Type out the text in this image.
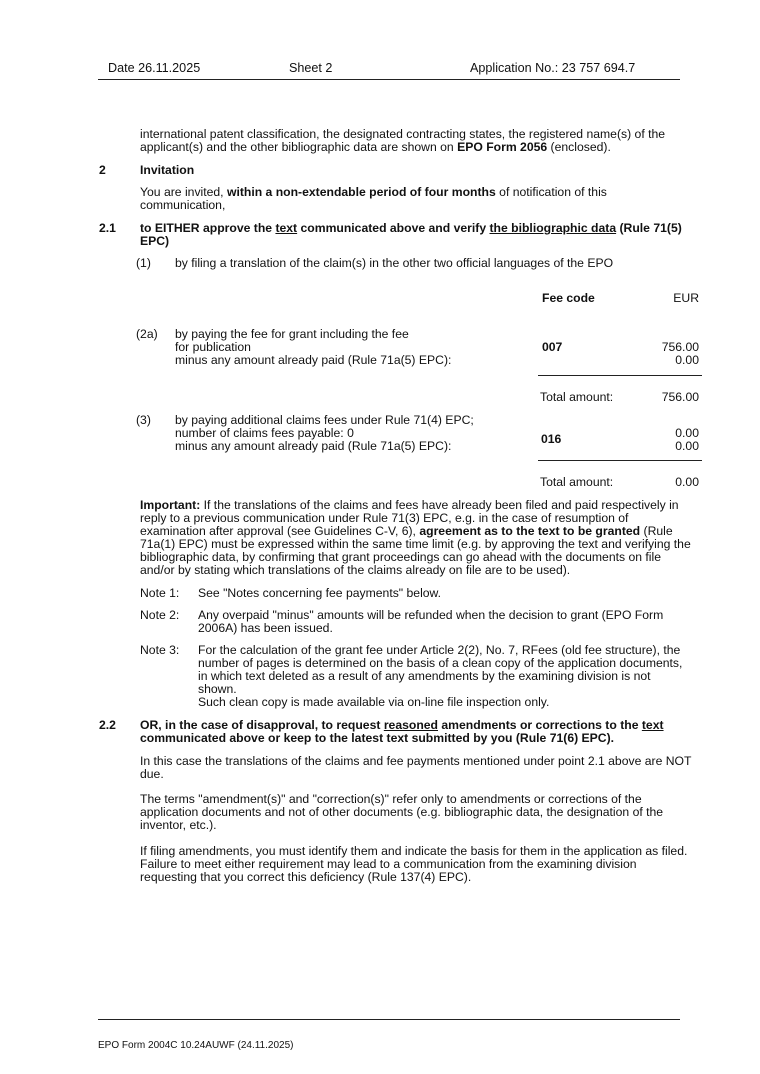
Date 26.11.2025	Sheet 2	Application No.: 23 757 694.7

international patent classification, the designated contracting states, the registered name(s) of the applicant(s) and the other bibliographic data are shown on EPO Form 2056 (enclosed).

2	Invitation

You are invited, within a non-extendable period of four months of notification of this communication,

2.1 to EITHER approve the text communicated above and verify the bibliographic data (Rule 71(5) EPC)

(1) by filing a translation of the claim(s) in the other two official languages of the EPO
Fee code	EUR
(2a) by paying the fee for grant including the fee
for publication
minus any amount already paid (Rule 71a(5) EPC):
007	756.00
0.00
Total amount:	756.00
(3) by paying additional claims fees under Rule 71(4) EPC;
number of claims fees payable: 0
minus any amount already paid (Rule 71a(5) EPC):	016	0.00
0.00
Total amount:	0.00

Important: If the translations of the claims and fees have already been filed and paid respectively in reply to a previous communication under Rule 71(3) EPC, e.g. in the case of resumption of examination after approval (see Guidelines C-V, 6), agreement as to the text to be granted (Rule 71a(1) EPC) must be expressed within the same time limit (e.g. by approving the text and verifying the bibliographic data, by confirming that grant proceedings can go ahead with the documents on file and/or by stating which translations of the claims already on file are to be used).

Note 1: See "Notes concerning fee payments" below.
Note 2: Any overpaid "minus" amounts will be refunded when the decision to grant (EPO Form 2006A) has been issued.
Note 3: For the calculation of the grant fee under Article 2(2), No. 7, RFees (old fee structure), the number of pages is determined on the basis of a clean copy of the application documents, in which text deleted as a result of any amendments by the examining division is not shown.
Such clean copy is made available via on-line file inspection only.
2.2 OR, in the case of disapproval, to request reasoned amendments or corrections to the text communicated above or keep to the latest text submitted by you (Rule 71(6) EPC).

In this case the translations of the claims and fee payments mentioned under point 2.1 above are NOT due.

The terms "amendment(s)" and "correction(s)" refer only to amendments or corrections of the application documents and not of other documents (e.g. bibliographic data, the designation of the inventor, etc.).

If filing amendments, you must identify them and indicate the basis for them in the application as filed. Failure to meet either requirement may lead to a communication from the examining division requesting that you correct this deficiency (Rule 137(4) EPC).

EPO Form 2004C 10.24AUWF (24.11.2025)
